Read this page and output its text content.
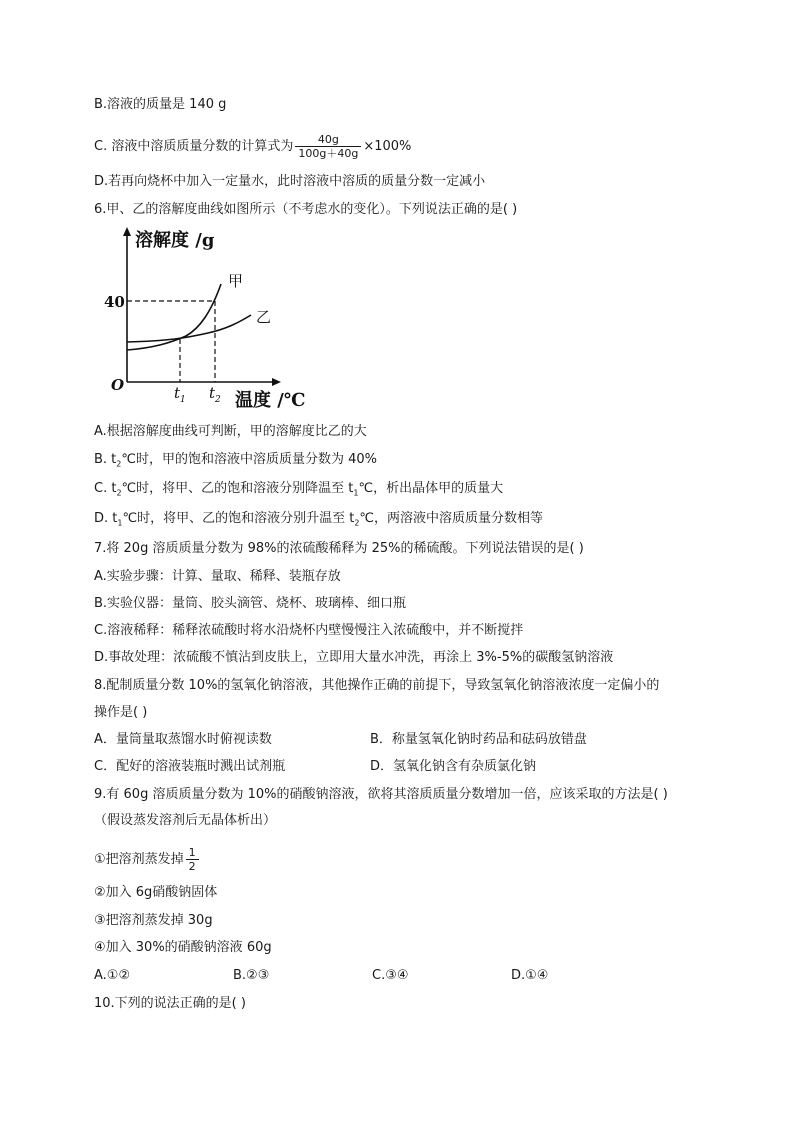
B.溶液的质量是 140 g
C. 溶液中溶质质量分数的计算式为 $\frac{40g}{100g+40g} \times 100\%$
D.若再向烧杯中加入一定量水，此时溶液中溶质的质量分数一定减小
6.甲、乙的溶解度曲线如图所示（不考虑水的变化）。下列说法正确的是( )
溶解度 /g
40
O	$t_1$ $t_2$ 温度 /℃
甲
乙
A.根据溶解度曲线可判断，甲的溶解度比乙的大
B. $t_2℃$时，甲的饱和溶液中溶质质量分数为 40%
C. $t_2℃$时，将甲、乙的饱和溶液分别降温至 $t_1℃$，析出晶体甲的质量大
D. $t_1℃$时，将甲、乙的饱和溶液分别升温至 $t_2℃$，两溶液中溶质质量分数相等
7.将 20g 溶质质量分数为 98%的浓硫酸稀释为 25%的稀硫酸。下列说法错误的是( )
A.实验步骤：计算、量取、稀释、装瓶存放
B.实验仪器：量筒、胶头滴管、烧杯、玻璃棒、细口瓶
C.溶液稀释：稀释浓硫酸时将水沿烧杯内壁慢慢注入浓硫酸中，并不断搅拌
D.事故处理：浓硫酸不慎沾到皮肤上，立即用大量水冲洗，再涂上 3%-5%的碳酸氢钠溶液
8.配制质量分数 10%的氢氧化钠溶液，其他操作正确的前提下，导致氢氧化钠溶液浓度一定偏小的
操作是( )
A．量筒量取蒸馏水时俯视读数	B．称量氢氧化钠时药品和砝码放错盘
C．配好的溶液装瓶时溅出试剂瓶	D．氢氧化钠含有杂质氯化钠
9.有 60g 溶质质量分数为 10%的硝酸钠溶液，欲将其溶质质量分数增加一倍，应该采取的方法是( )
（假设蒸发溶剂后无晶体析出）
①把溶剂蒸发掉 $\frac{1}{2}$
②加入 6g硝酸钠固体
③把溶剂蒸发掉 30g
④加入 30%的硝酸钠溶液 60g
A.①②	B.②③	C.③④	D.①④
10.下列的说法正确的是( )
